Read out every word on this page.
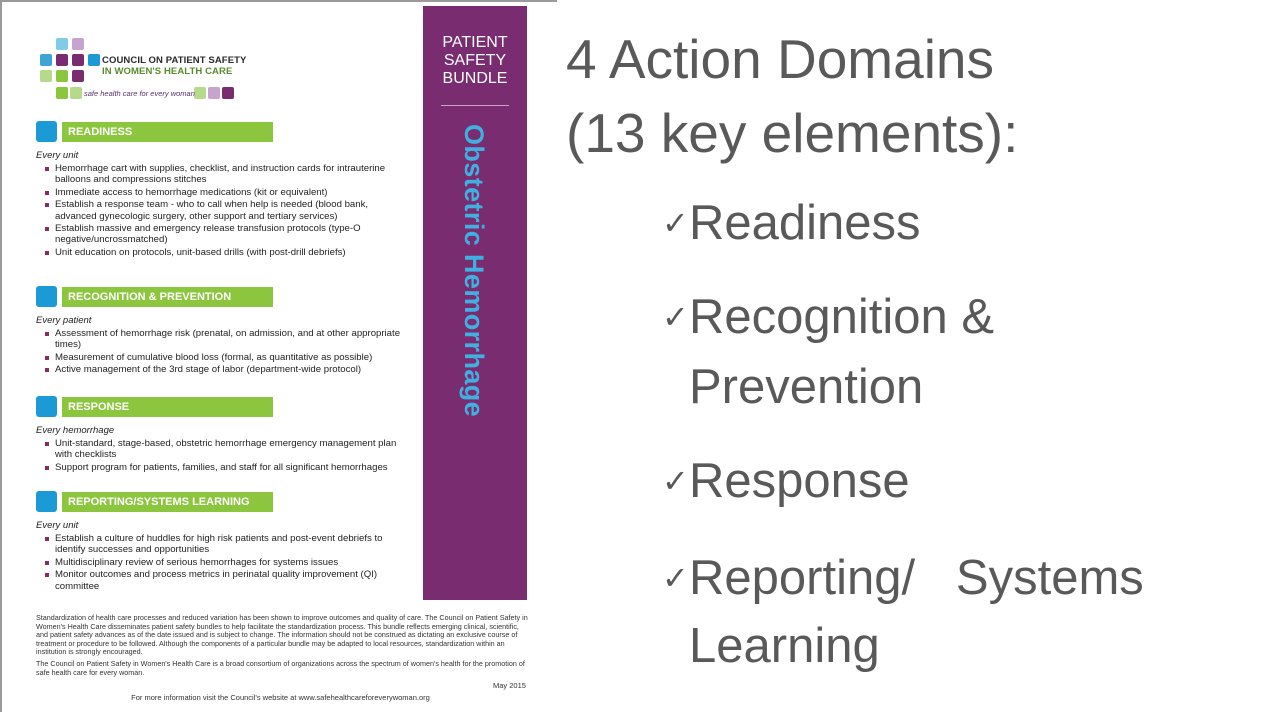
COUNCIL ON PATIENT SAFETY
IN WOMEN'S HEALTH CARE
safe health care for every woman
READINESS
Every unit
Hemorrhage cart with supplies, checklist, and instruction cards for intrauterine balloons and compressions stitches
Immediate access to hemorrhage medications (kit or equivalent)
Establish a response team - who to call when help is needed (blood bank, advanced gynecologic surgery, other support and tertiary services)
Establish massive and emergency release transfusion protocols (type-O negative/uncrossmatched)
Unit education on protocols, unit-based drills (with post-drill debriefs)
RECOGNITION & PREVENTION
Every patient
Assessment of hemorrhage risk (prenatal, on admission, and at other appropriate times)
Measurement of cumulative blood loss (formal, as quantitative as possible)
Active management of the 3rd stage of labor (department-wide protocol)
RESPONSE
Every hemorrhage
Unit-standard, stage-based, obstetric hemorrhage emergency management plan with checklists
Support program for patients, families, and staff for all significant hemorrhages
REPORTING/SYSTEMS LEARNING
Every unit
Establish a culture of huddles for high risk patients and post-event debriefs to identify successes and opportunities
Multidisciplinary review of serious hemorrhages for systems issues
Monitor outcomes and process metrics in perinatal quality improvement (QI) committee
PATIENT
SAFETY
BUNDLE
Obstetric Hemorrhage

Standardization of health care processes and reduced variation has been shown to improve outcomes and quality of care. The Council on Patient Safety in Women's Health Care disseminates patient safety bundles to help facilitate the standardization process. This bundle reflects emerging clinical, scientific, and patient safety advances as of the date issued and is subject to change. The information should not be construed as dictating an exclusive course of treatment or procedure to be followed. Although the components of a particular bundle may be adapted to local resources, standardization within an institution is strongly encouraged.

The Council on Patient Safety in Women's Health Care is a broad consortium of organizations across the spectrum of women's health for the promotion of safe health care for every woman.

May 2015
For more information visit the Council's website at www.safehealthcareforeverywoman.org
4 Action Domains
(13 key elements):
✓ Readiness
✓ Recognition &
Prevention
✓ Response
✓ Reporting/   Systems
Learning
